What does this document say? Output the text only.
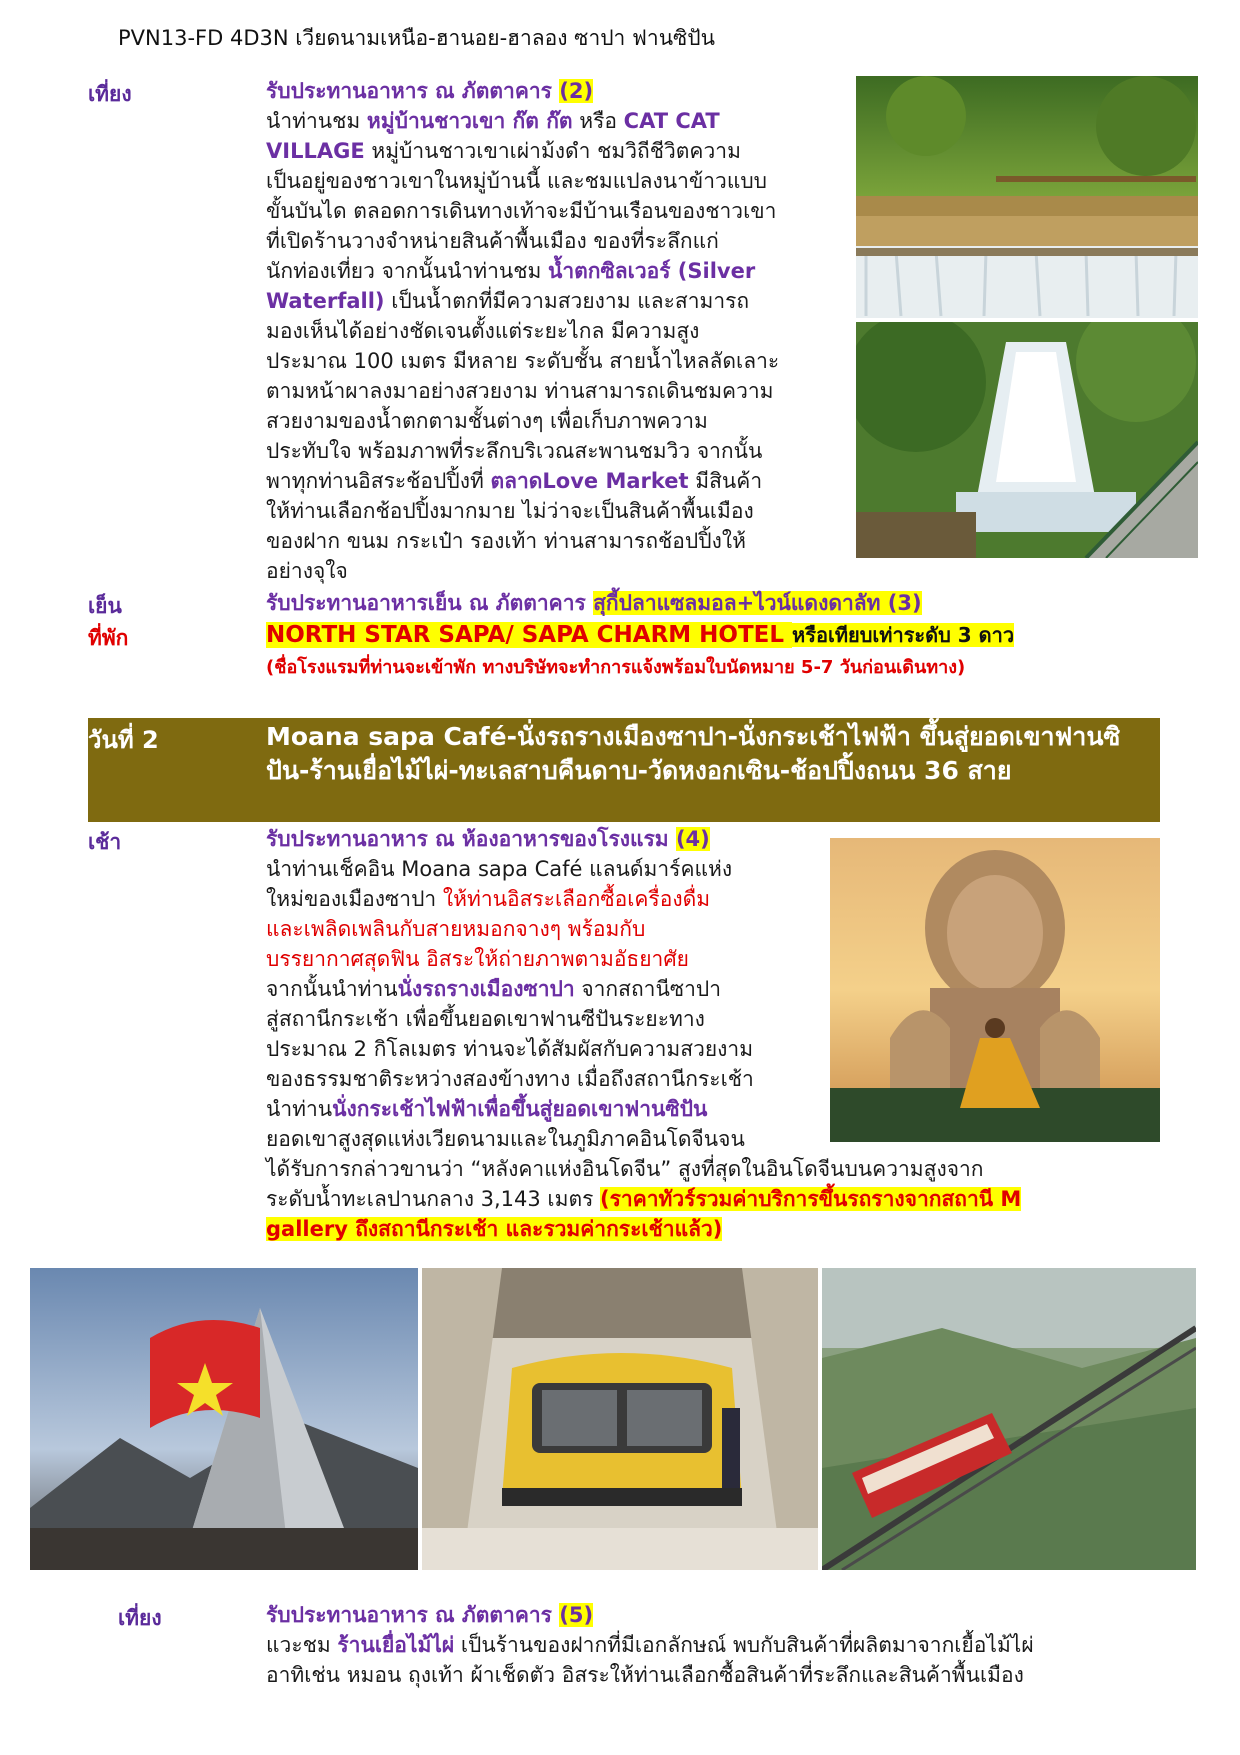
PVN13-FD 4D3N เวียดนามเหนือ-ฮานอย-ฮาลอง ซาปา ฟานซิปัน
เที่ยง	รับประทานอาหาร ณ ภัตตาคาร (2)
นำท่านชม หมู่บ้านชาวเขา ก๊ต ก๊ต หรือ CAT CAT
VILLAGE หมู่บ้านชาวเขาเผ่าม้งดำ ชมวิถีชีวิตความ
เป็นอยู่ของชาวเขาในหมู่บ้านนี้ และชมแปลงนาข้าวแบบ
ขั้นบันได ตลอดการเดินทางเท้าจะมีบ้านเรือนของชาวเขา
ที่เปิดร้านวางจำหน่ายสินค้าพื้นเมือง ของที่ระลึกแก่
นักท่องเที่ยว จากนั้นนำท่านชม น้ำตกซิลเวอร์ (Silver
Waterfall) เป็นน้ำตกที่มีความสวยงาม และสามารถ
มองเห็นได้อย่างชัดเจนตั้งแต่ระยะไกล มีความสูง
ประมาณ 100 เมตร มีหลาย ระดับชั้น สายน้ำไหลลัดเลาะ
ตามหน้าผาลงมาอย่างสวยงาม ท่านสามารถเดินชมความ
สวยงามของน้ำตกตามชั้นต่างๆ เพื่อเก็บภาพความ
ประทับใจ พร้อมภาพที่ระลึกบริเวณสะพานชมวิว จากนั้น
พาทุกท่านอิสระช้อปปิ้งที่ ตลาดLove Market มีสินค้า
ให้ท่านเลือกช้อปปิ้งมากมาย ไม่ว่าจะเป็นสินค้าพื้นเมือง
ของฝาก ขนม กระเป๋า รองเท้า ท่านสามารถช้อปปิ้งให้
อย่างจุใจ
เย็น	รับประทานอาหารเย็น ณ ภัตตาคาร สุกี้ปลาแซลมอล+ไวน์แดงดาลัท (3)
ที่พัก	NORTH STAR SAPA/ SAPA CHARM HOTEL หรือเทียบเท่าระดับ 3 ดาว
(ชื่อโรงแรมที่ท่านจะเข้าพัก ทางบริษัทจะทำการแจ้งพร้อมใบนัดหมาย 5-7 วันก่อนเดินทาง)
วันที่ 2	Moana sapa Café-นั่งรถรางเมืองซาปา-นั่งกระเช้าไฟฟ้า ขึ้นสู่ยอดเขาฟานซิปัน-ร้านเยื่อไม้ไผ่-ทะเลสาบคืนดาบ-วัดหงอกเซิน-ช้อปปิ้งถนน 36 สาย
เช้า	รับประทานอาหาร ณ ห้องอาหารของโรงแรม (4)
นำท่านเช็คอิน Moana sapa Café แลนด์มาร์คแห่ง
ใหม่ของเมืองซาปา ให้ท่านอิสระเลือกซื้อเครื่องดื่ม
และเพลิดเพลินกับสายหมอกจางๆ พร้อมกับ
บรรยากาศสุดฟิน อิสระให้ถ่ายภาพตามอัธยาศัย
จากนั้นนำท่านนั่งรถรางเมืองซาปา จากสถานีซาปา
สู่สถานีกระเช้า เพื่อขึ้นยอดเขาฟานซีปันระยะทาง
ประมาณ 2 กิโลเมตร ท่านจะได้สัมผัสกับความสวยงาม
ของธรรมชาติระหว่างสองข้างทาง เมื่อถึงสถานีกระเช้า
นำท่านนั่งกระเช้าไฟฟ้าเพื่อขึ้นสู่ยอดเขาฟานซิปัน
ยอดเขาสูงสุดแห่งเวียดนามและในภูมิภาคอินโดจีนจน
ได้รับการกล่าวขานว่า “หลังคาแห่งอินโดจีน” สูงที่สุดในอินโดจีนบนความสูงจาก
ระดับน้ำทะเลปานกลาง 3,143 เมตร (ราคาทัวร์รวมค่าบริการขึ้นรถรางจากสถานี M
gallery ถึงสถานีกระเช้า และรวมค่ากระเช้าแล้ว)
เที่ยง	รับประทานอาหาร ณ ภัตตาคาร (5)
แวะชม ร้านเยื่อไม้ไผ่ เป็นร้านของฝากที่มีเอกลักษณ์ พบกับสินค้าที่ผลิตมาจากเยื้อไม้ไผ่
อาทิเช่น หมอน ถุงเท้า ผ้าเช็ดตัว อิสระให้ท่านเลือกซื้อสินค้าที่ระลึกและสินค้าพื้นเมือง
